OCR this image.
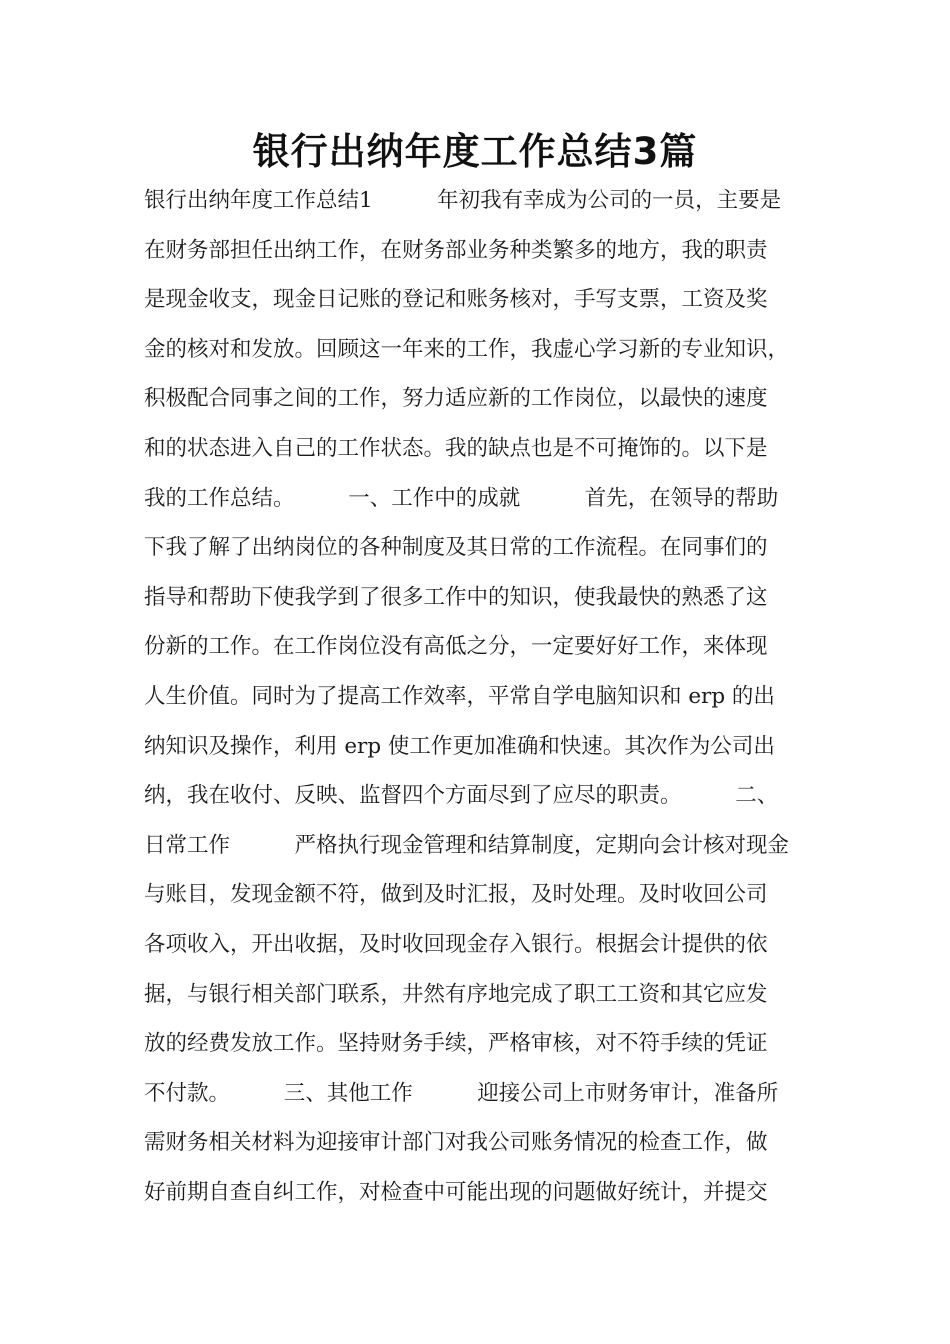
银行出纳年度工作总结3篇
银行出纳年度工作总结1　　　年初我有幸成为公司的一员，主要是
在财务部担任出纳工作，在财务部业务种类繁多的地方，我的职责
是现金收支，现金日记账的登记和账务核对，手写支票，工资及奖
金的核对和发放。回顾这一年来的工作，我虚心学习新的专业知识，
积极配合同事之间的工作，努力适应新的工作岗位，以最快的速度
和的状态进入自己的工作状态。我的缺点也是不可掩饰的。以下是
我的工作总结。　　　一、工作中的成就　　　首先，在领导的帮助
下我了解了出纳岗位的各种制度及其日常的工作流程。在同事们的
指导和帮助下使我学到了很多工作中的知识，使我最快的熟悉了这
份新的工作。在工作岗位没有高低之分，一定要好好工作，来体现
人生价值。同时为了提高工作效率，平常自学电脑知识和 erp 的出
纳知识及操作，利用 erp 使工作更加准确和快速。其次作为公司出
纳，我在收付、反映、监督四个方面尽到了应尽的职责。　　　二、
日常工作　　　严格执行现金管理和结算制度，定期向会计核对现金
与账目，发现金额不符，做到及时汇报，及时处理。及时收回公司
各项收入，开出收据，及时收回现金存入银行。根据会计提供的依
据，与银行相关部门联系，井然有序地完成了职工工资和其它应发
放的经费发放工作。坚持财务手续，严格审核，对不符手续的凭证
不付款。　　　三、其他工作　　　迎接公司上市财务审计，准备所
需财务相关材料为迎接审计部门对我公司账务情况的检查工作，做
好前期自查自纠工作，对检查中可能出现的问题做好统计，并提交
